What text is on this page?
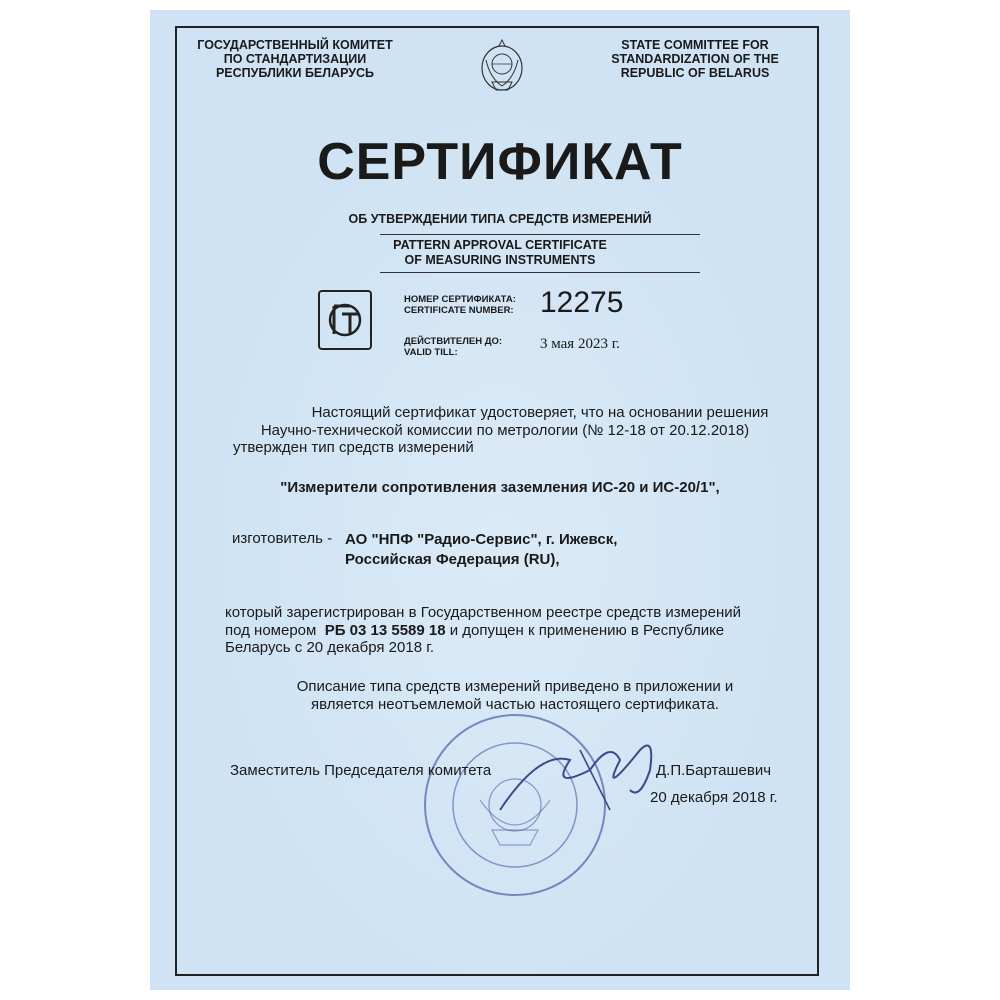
ГОСУДАРСТВЕННЫЙ КОМИТЕТ
ПО СТАНДАРТИЗАЦИИ
РЕСПУБЛИКИ БЕЛАРУСЬ
STATE COMMITTEE FOR
STANDARDIZATION OF THE
REPUBLIC OF BELARUS
СЕРТИФИКАТ
ОБ УТВЕРЖДЕНИИ ТИПА СРЕДСТВ ИЗМЕРЕНИЙ
PATTERN APPROVAL CERTIFICATE
OF MEASURING INSTRUMENTS
НОМЕР СЕРТИФИКАТА:
CERTIFICATE NUMBER: 12275
ДЕЙСТВИТЕЛЕН ДО:
VALID TILL:
3 мая 2023 г.
Настоящий сертификат удостоверяет, что на основании решения
Научно-технической комиссии по метрологии (№ 12-18 от 20.12.2018)
утвержден тип средств измерений
"Измерители сопротивления заземления ИС-20 и ИС-20/1",
изготовитель - АО "НПФ "Радио-Сервис", г. Ижевск,
Российская Федерация (RU),
который зарегистрирован в Государственном реестре средств измерений
под номером РБ 03 13 5589 18 и допущен к применению в Республике
Беларусь с 20 декабря 2018 г.
Описание типа средств измерений приведено в приложении и
является неотъемлемой частью настоящего сертификата.
Заместитель Председателя комитета	Д.П.Барташевич
20 декабря 2018 г.
